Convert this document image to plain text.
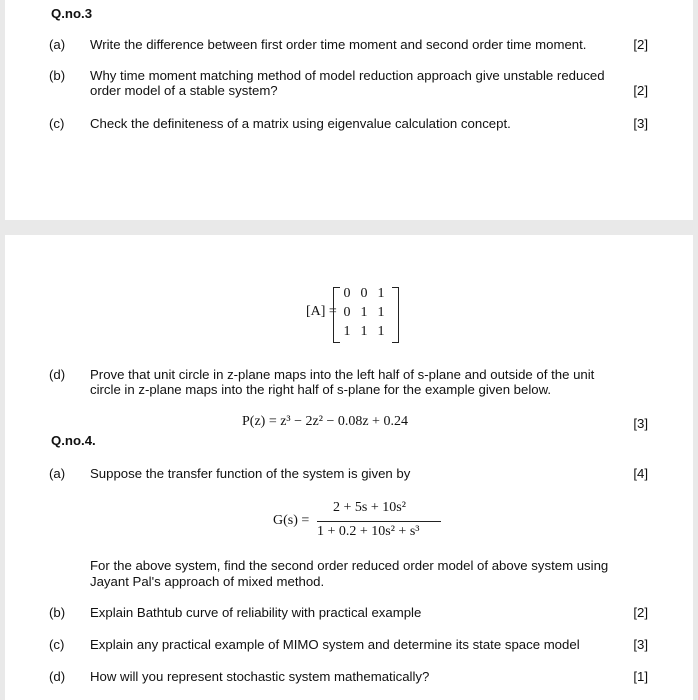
Q.no.3
(a) Write the difference between first order time moment and second order time moment.	[2]
(b) Why time moment matching method of model reduction approach give unstable reduced
order model of a stable system?	[2]
(c) Check the definiteness of a matrix using eigenvalue calculation concept.	[3]
[A] =
0 0 1
0 1 1
1 1 1
(d) Prove that unit circle in z-plane maps into the left half of s-plane and outside of the unit
circle in z-plane maps into the right half of s-plane for the example given below.
P(z) = z³ − 2z² − 0.08z + 0.24	[3]
Q.no.4.
(a) Suppose the transfer function of the system is given by	[4]
G(s) =
2 + 5s + 10s²
1 + 0.2 + 10s² + s³
For the above system, find the second order reduced order model of above system using
Jayant Pal's approach of mixed method.
(b) Explain Bathtub curve of reliability with practical example	[2]
(c) Explain any practical example of MIMO system and determine its state space model	[3]
(d) How will you represent stochastic system mathematically?	[1]
